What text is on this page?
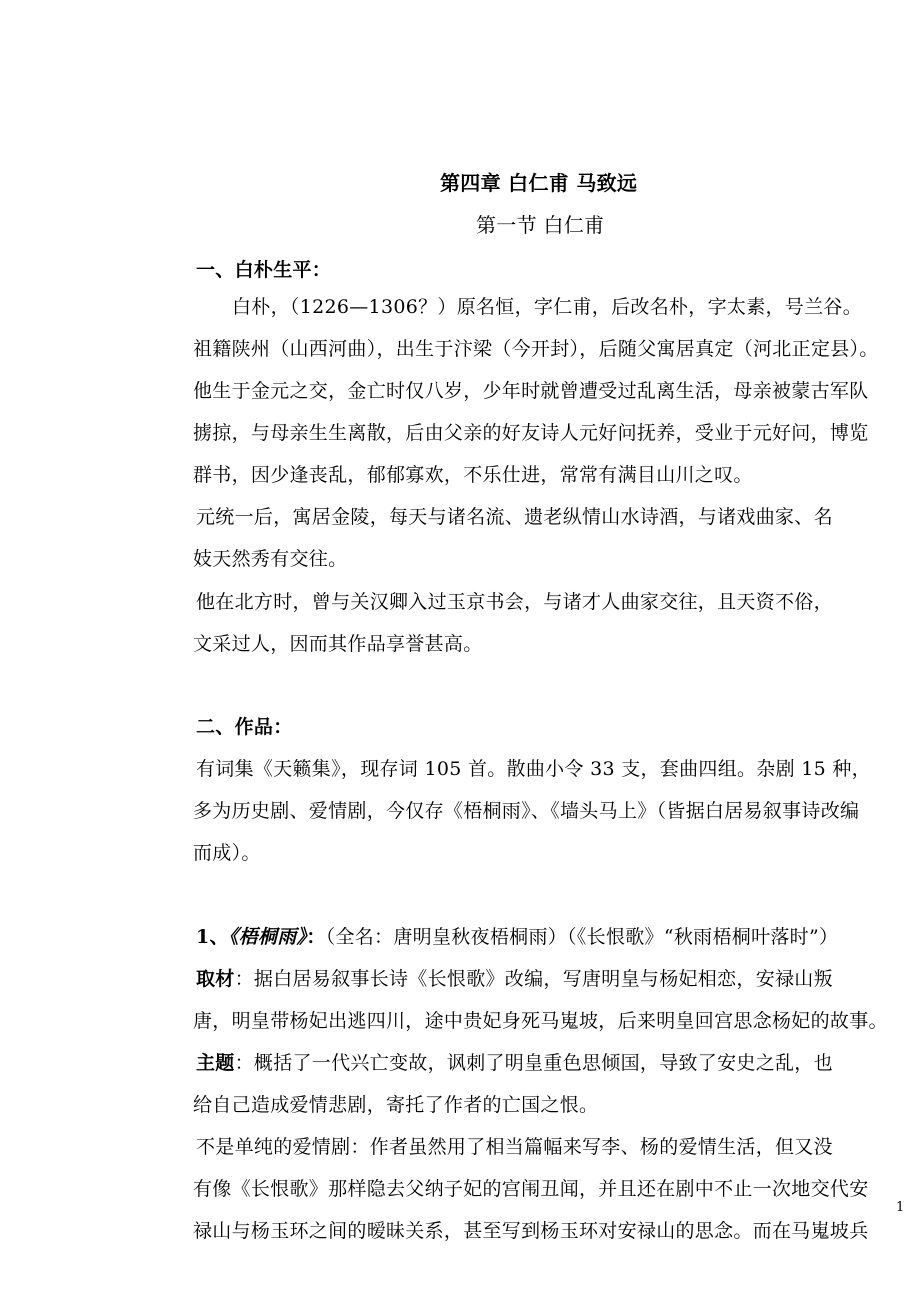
第四章 白仁甫 马致远
第一节 白仁甫
一、白朴生平：
白朴，（1226—1306？）原名恒，字仁甫，后改名朴，字太素，号兰谷。
祖籍陕州（山西河曲），出生于汴梁（今开封），后随父寓居真定（河北正定县）。
他生于金元之交，金亡时仅八岁，少年时就曾遭受过乱离生活，母亲被蒙古军队
掳掠，与母亲生生离散，后由父亲的好友诗人元好问抚养，受业于元好问，博览
群书，因少逢丧乱，郁郁寡欢，不乐仕进，常常有满目山川之叹。
元统一后，寓居金陵，每天与诸名流、遗老纵情山水诗酒，与诸戏曲家、名
妓天然秀有交往。
他在北方时，曾与关汉卿入过玉京书会，与诸才人曲家交往，且天资不俗，
文采过人，因而其作品享誉甚高。
二、作品：
有词集《天籁集》，现存词 105 首。散曲小令 33 支，套曲四组。杂剧 15 种，
多为历史剧、爱情剧，今仅存《梧桐雨》、《墙头马上》（皆据白居易叙事诗改编
而成）。
1、《梧桐雨》：（全名：唐明皇秋夜梧桐雨）（《长恨歌》“秋雨梧桐叶落时”）
取材：据白居易叙事长诗《长恨歌》改编，写唐明皇与杨妃相恋，安禄山叛
唐，明皇带杨妃出逃四川，途中贵妃身死马嵬坡，后来明皇回宫思念杨妃的故事。
主题：概括了一代兴亡变故，讽刺了明皇重色思倾国，导致了安史之乱，也
给自己造成爱情悲剧，寄托了作者的亡国之恨。
不是单纯的爱情剧：作者虽然用了相当篇幅来写李、杨的爱情生活，但又没
有像《长恨歌》那样隐去父纳子妃的宫闱丑闻，并且还在剧中不止一次地交代安
禄山与杨玉环之间的暧昧关系，甚至写到杨玉环对安禄山的思念。而在马嵬坡兵
1
